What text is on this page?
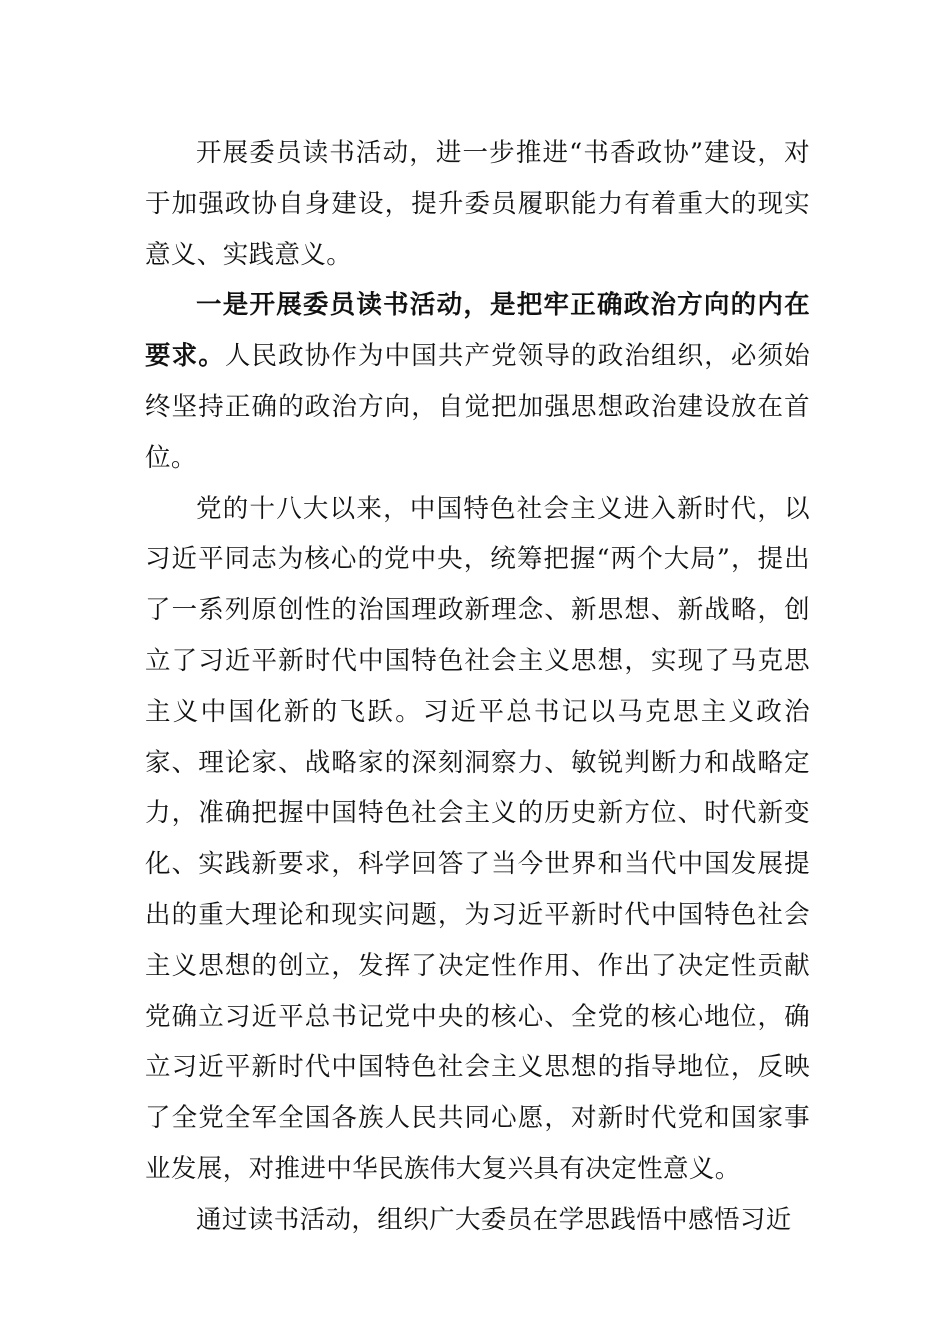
开展委员读书活动，进一步推进“书香政协”建设，对于加强政协自身建设，提升委员履职能力有着重大的现实意义、实践意义。

一是开展委员读书活动，是把牢正确政治方向的内在要求。人民政协作为中国共产党领导的政治组织，必须始终坚持正确的政治方向，自觉把加强思想政治建设放在首位。

党的十八大以来，中国特色社会主义进入新时代，以习近平同志为核心的党中央，统筹把握“两个大局”，提出了一系列原创性的治国理政新理念、新思想、新战略，创立了习近平新时代中国特色社会主义思想，实现了马克思主义中国化新的飞跃。习近平总书记以马克思主义政治家、理论家、战略家的深刻洞察力、敏锐判断力和战略定力，准确把握中国特色社会主义的历史新方位、时代新变化、实践新要求，科学回答了当今世界和当代中国发展提出的重大理论和现实问题，为习近平新时代中国特色社会主义思想的创立，发挥了决定性作用、作出了决定性贡献党确立习近平总书记党中央的核心、全党的核心地位，确立习近平新时代中国特色社会主义思想的指导地位，反映了全党全军全国各族人民共同心愿，对新时代党和国家事业发展，对推进中华民族伟大复兴具有决定性意义。

通过读书活动，组织广大委员在学思践悟中感悟习近
